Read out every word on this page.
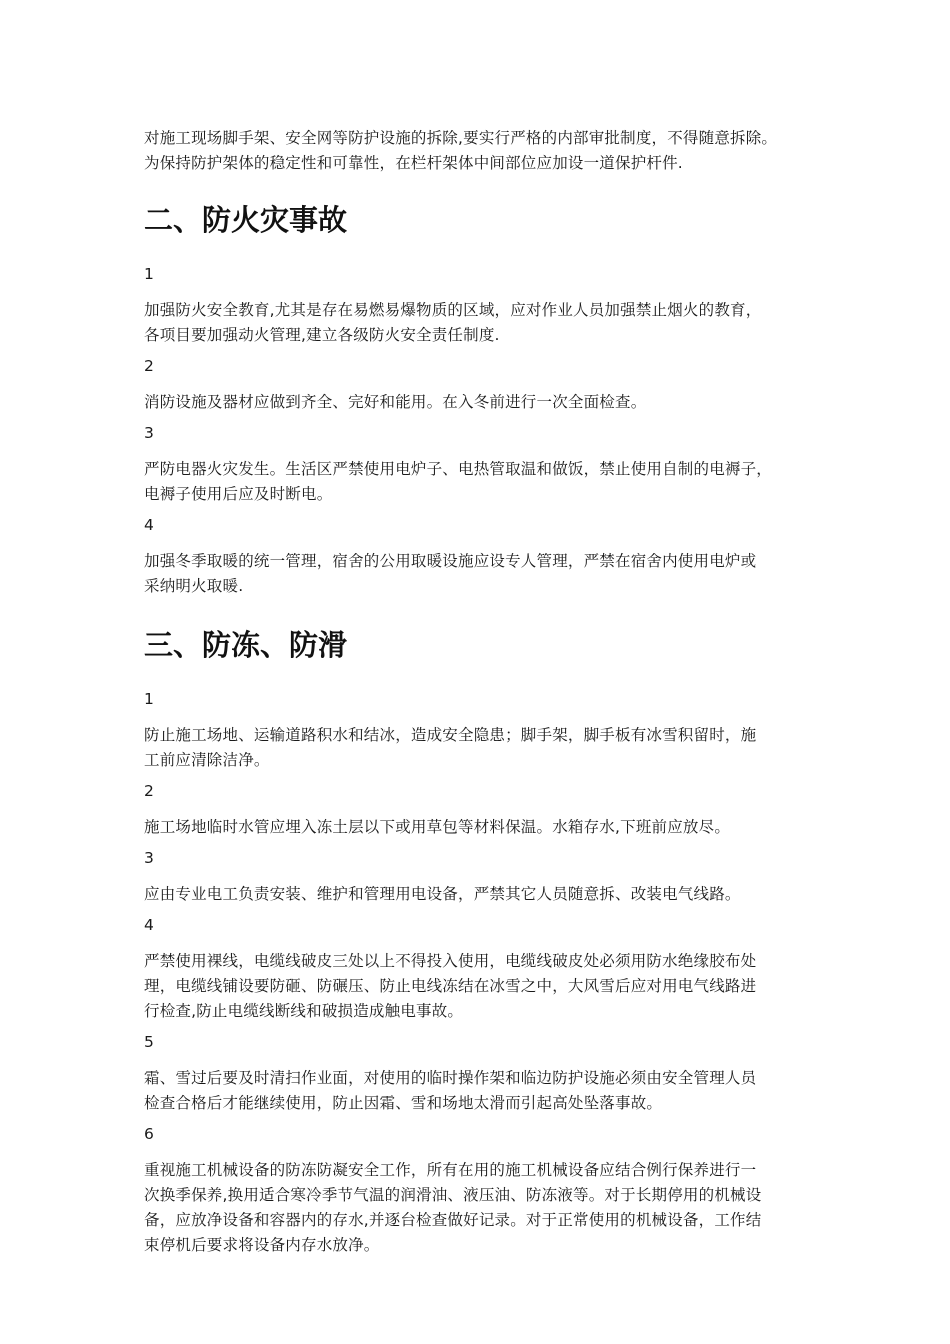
对施工现场脚手架、安全网等防护设施的拆除,要实行严格的内部审批制度，不得随意拆除。

为保持防护架体的稳定性和可靠性，在栏杆架体中间部位应加设一道保护杆件.

二、防火灾事故

1

加强防火安全教育,尤其是存在易燃易爆物质的区域，应对作业人员加强禁止烟火的教育，

各项目要加强动火管理,建立各级防火安全责任制度.

2

消防设施及器材应做到齐全、完好和能用。在入冬前进行一次全面检查。

3

严防电器火灾发生。生活区严禁使用电炉子、电热管取温和做饭，禁止使用自制的电褥子，

电褥子使用后应及时断电。

4

加强冬季取暖的统一管理，宿舍的公用取暖设施应设专人管理，严禁在宿舍内使用电炉或

采纳明火取暖.

三、防冻、防滑

1

防止施工场地、运输道路积水和结冰，造成安全隐患；脚手架，脚手板有冰雪积留时，施

工前应清除洁净。

2

施工场地临时水管应埋入冻土层以下或用草包等材料保温。水箱存水,下班前应放尽。

3

应由专业电工负责安装、维护和管理用电设备，严禁其它人员随意拆、改装电气线路。

4

严禁使用裸线，电缆线破皮三处以上不得投入使用，电缆线破皮处必须用防水绝缘胶布处

理，电缆线铺设要防砸、防碾压、防止电线冻结在冰雪之中，大风雪后应对用电气线路进

行检查,防止电缆线断线和破损造成触电事故。

5

霜、雪过后要及时清扫作业面，对使用的临时操作架和临边防护设施必须由安全管理人员

检查合格后才能继续使用，防止因霜、雪和场地太滑而引起高处坠落事故。

6

重视施工机械设备的防冻防凝安全工作，所有在用的施工机械设备应结合例行保养进行一

次换季保养,换用适合寒冷季节气温的润滑油、液压油、防冻液等。对于长期停用的机械设

备，应放净设备和容器内的存水,并逐台检查做好记录。对于正常使用的机械设备，工作结

束停机后要求将设备内存水放净。
